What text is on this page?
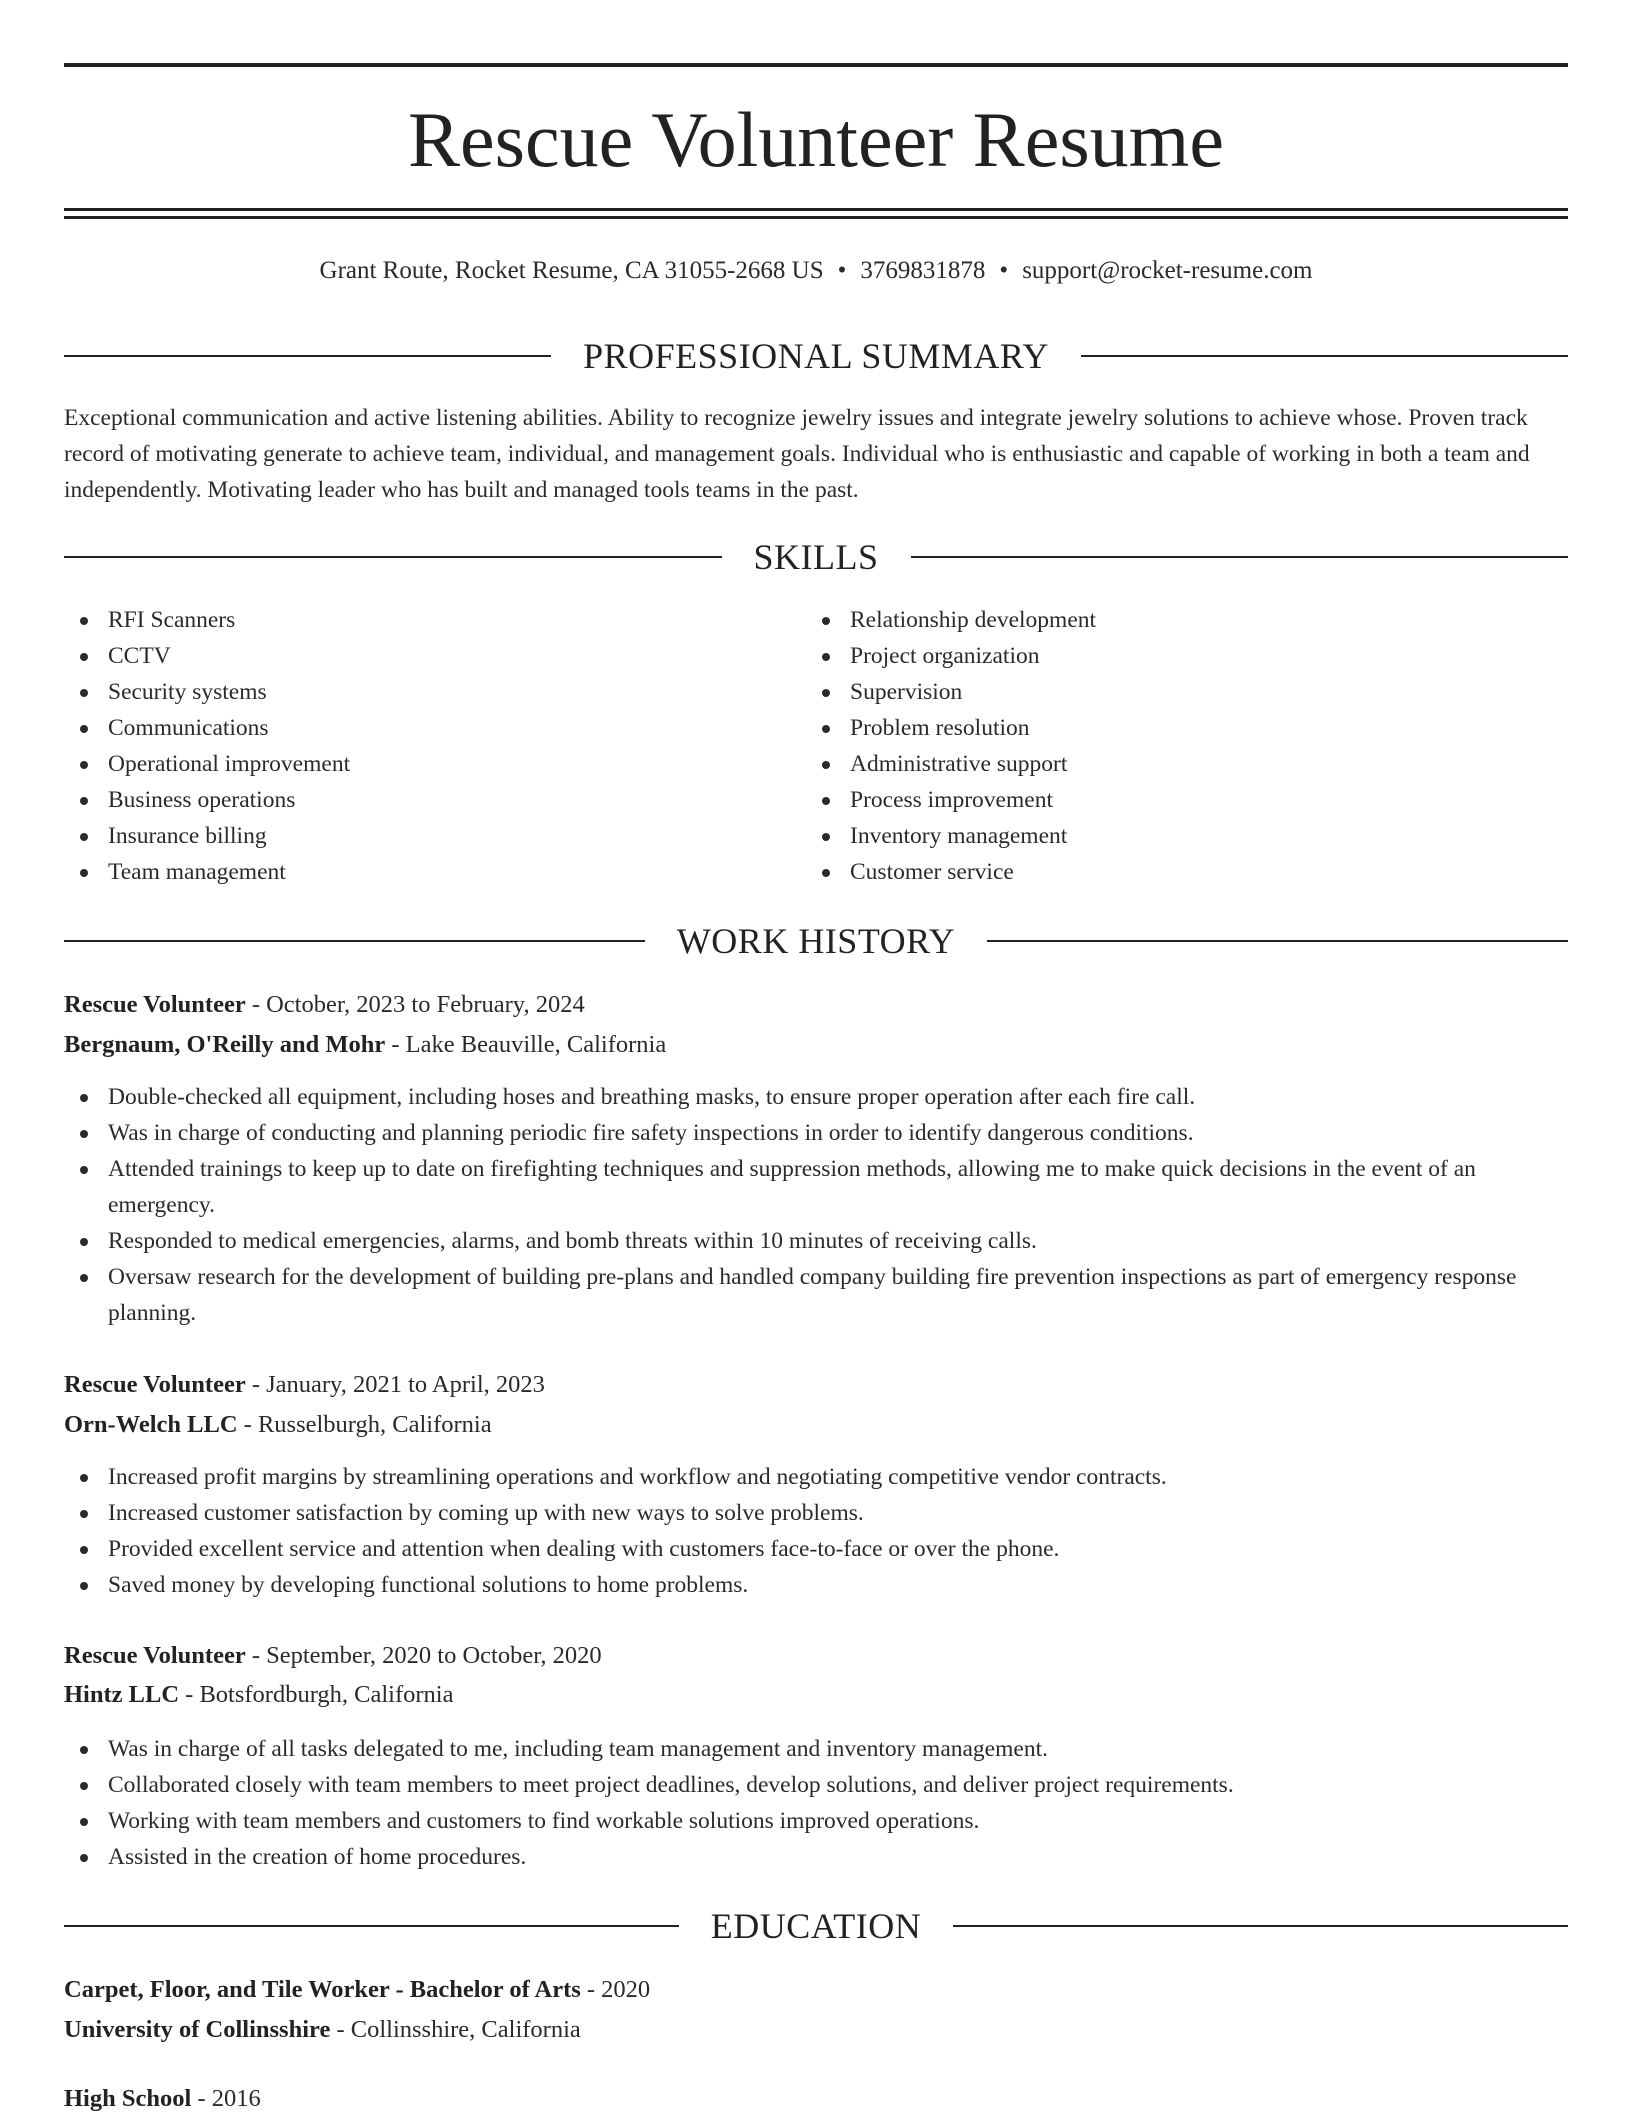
Rescue Volunteer Resume
Grant Route, Rocket Resume, CA 31055-2668 US • 3769831878 • support@rocket-resume.com
PROFESSIONAL SUMMARY

Exceptional communication and active listening abilities. Ability to recognize jewelry issues and integrate jewelry solutions to achieve whose. Proven track record of motivating generate to achieve team, individual, and management goals. Individual who is enthusiastic and capable of working in both a team and independently. Motivating leader who has built and managed tools teams in the past.

SKILLS
RFI Scanners
CCTV
Security systems
Communications
Operational improvement
Business operations
Insurance billing
Team management
Relationship development
Project organization
Supervision
Problem resolution
Administrative support
Process improvement
Inventory management
Customer service
WORK HISTORY
Rescue Volunteer - October, 2023 to February, 2024
Bergnaum, O'Reilly and Mohr - Lake Beauville, California
Double-checked all equipment, including hoses and breathing masks, to ensure proper operation after each fire call.
Was in charge of conducting and planning periodic fire safety inspections in order to identify dangerous conditions.
Attended trainings to keep up to date on firefighting techniques and suppression methods, allowing me to make quick decisions in the event of an emergency.
Responded to medical emergencies, alarms, and bomb threats within 10 minutes of receiving calls.
Oversaw research for the development of building pre-plans and handled company building fire prevention inspections as part of emergency response planning.
Rescue Volunteer - January, 2021 to April, 2023
Orn-Welch LLC - Russelburgh, California
Increased profit margins by streamlining operations and workflow and negotiating competitive vendor contracts.
Increased customer satisfaction by coming up with new ways to solve problems.
Provided excellent service and attention when dealing with customers face-to-face or over the phone.
Saved money by developing functional solutions to home problems.
Rescue Volunteer - September, 2020 to October, 2020
Hintz LLC - Botsfordburgh, California
Was in charge of all tasks delegated to me, including team management and inventory management.
Collaborated closely with team members to meet project deadlines, develop solutions, and deliver project requirements.
Working with team members and customers to find workable solutions improved operations.
Assisted in the creation of home procedures.
EDUCATION
Carpet, Floor, and Tile Worker - Bachelor of Arts - 2020
University of Collinsshire - Collinsshire, California
High School - 2016
